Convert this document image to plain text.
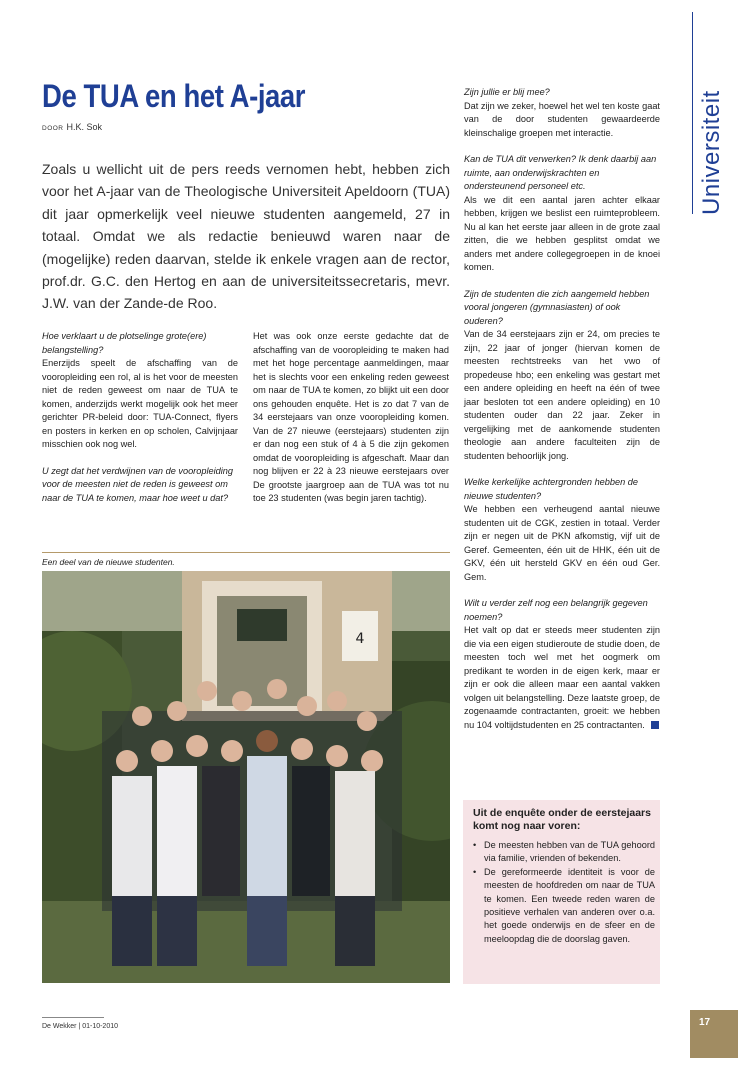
De TUA en het A-jaar
DOOR H.K. Sok

Zoals u wellicht uit de pers reeds vernomen hebt, hebben zich voor het A-jaar van de Theologische Universiteit Apeldoorn (TUA) dit jaar opmerkelijk veel nieuwe studenten aangemeld, 27 in totaal. Omdat we als redactie benieuwd waren naar de (mogelijke) reden daarvan, stelde ik enkele vragen aan de rector, prof.dr. G.C. den Hertog en aan de universiteitssecretaris, mevr. J.W. van der Zande-de Roo.

Hoe verklaart u de plotselinge grote(ere) belangstelling?

Enerzijds speelt de afschaffing van de vooropleiding een rol, al is het voor de meesten niet de reden geweest om naar de TUA te komen, anderzijds werkt mogelijk ook het meer gerichter PR-beleid door: TUA-Connect, flyers en posters in kerken en op scholen, Calvijnjaar misschien ook nog wel.

U zegt dat het verdwijnen van de vooropleiding voor de meesten niet de reden is geweest om naar de TUA te komen, maar hoe weet u dat?

Het was ook onze eerste gedachte dat de afschaffing van de vooropleiding te maken had met het hoge percentage aanmeldingen, maar het is slechts voor een enkeling reden geweest om naar de TUA te komen, zo blijkt uit een door ons gehouden enquête. Het is zo dat 7 van de 34 eerstejaars van onze vooropleiding komen. Van de 27 nieuwe (eerstejaars) studenten zijn er dan nog een stuk of 4 à 5 die zijn gekomen omdat de vooropleiding is afgeschaft. Maar dan nog blijven er 22 à 23 nieuwe eerstejaars over De grootste jaargroep aan de TUA was tot nu toe 23 studenten (was begin jaren tachtig).

Een deel van de nieuwe studenten.
4

Zijn jullie er blij mee?

Dat zijn we zeker, hoewel het wel ten koste gaat van de door studenten gewaardeerde kleinschalige groepen met interactie.

Kan de TUA dit verwerken? Ik denk daarbij aan ruimte, aan onderwijskrachten en ondersteunend personeel etc.

Als we dit een aantal jaren achter elkaar hebben, krijgen we beslist een ruimteprobleem. Nu al kan het eerste jaar alleen in de grote zaal zitten, die we hebben gesplitst omdat we anders met andere collegegroepen in de knoei komen.

Zijn de studenten die zich aangemeld hebben vooral jongeren (gymnasiasten) of ook ouderen?

Van de 34 eerstejaars zijn er 24, om precies te zijn, 22 jaar of jonger (hiervan komen de meesten rechtstreeks van het vwo of propedeuse hbo; een enkeling was gestart met een andere opleiding en heeft na één of twee jaar besloten tot een andere opleiding) en 10 studenten ouder dan 22 jaar. Zeker in vergelijking met de aankomende studenten theologie aan andere faculteiten zijn de studenten behoorlijk jong.

Welke kerkelijke achtergronden hebben de nieuwe studenten?

We hebben een verheugend aantal nieuwe studenten uit de CGK, zestien in totaal. Verder zijn er negen uit de PKN afkomstig, vijf uit de Geref. Gemeenten, één uit de HHK, één uit de GKV, één uit hersteld GKV en één oud Ger. Gem.

Wilt u verder zelf nog een belangrijk gegeven noemen?

Het valt op dat er steeds meer studenten zijn die via een eigen studieroute de studie doen, de meesten toch wel met het oogmerk om predikant te worden in de eigen kerk, maar er zijn er ook die alleen maar een aantal vakken volgen uit belangstelling. Deze laatste groep, de zogenaamde contractanten, groeit: we hebben nu 104 voltijdstudenten en 25 contractanten.

Uit de enquête onder de eerstejaars komt nog naar voren:
• De meesten hebben van de TUA gehoord via familie, vrienden of bekenden.
• De gereformeerde identiteit is voor de meesten de hoofdreden om naar de TUA te komen. Een tweede reden waren de positieve verhalen van anderen over o.a. het goede onderwijs en de sfeer en de meeloopdag die de doorslag gaven.
Universiteit
De Wekker | 01-10-2010	17
